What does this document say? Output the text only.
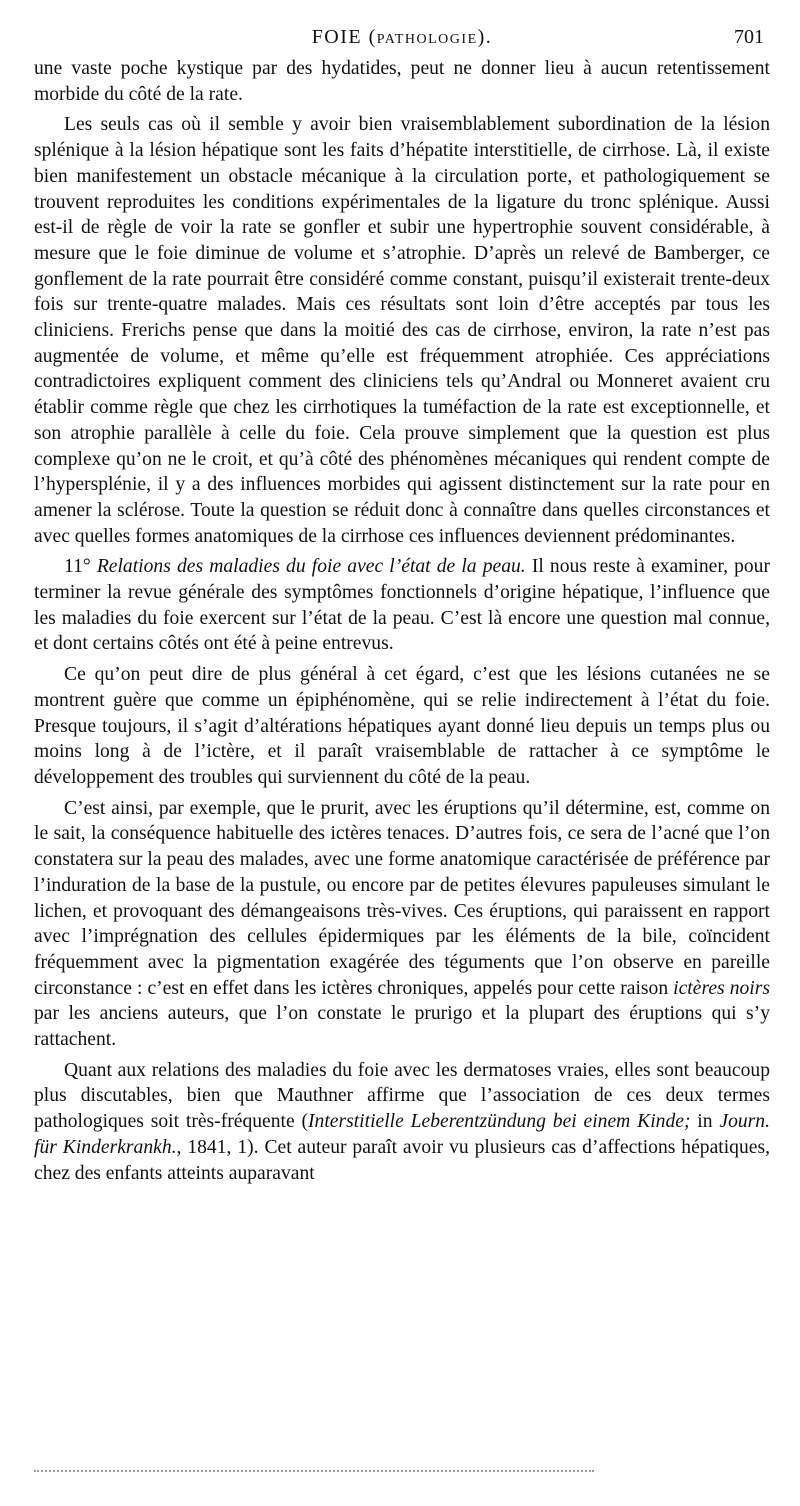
FOIE (pathologie).	701

une vaste poche kystique par des hydatides, peut ne donner lieu à aucun retentissement morbide du côté de la rate.

Les seuls cas où il semble y avoir bien vraisemblablement subordination de la lésion splénique à la lésion hépatique sont les faits d’hépatite interstitielle, de cirrhose. Là, il existe bien manifestement un obstacle mécanique à la circulation porte, et pathologiquement se trouvent reproduites les conditions expérimentales de la ligature du tronc splénique. Aussi est-il de règle de voir la rate se gonfler et subir une hypertrophie souvent considérable, à mesure que le foie diminue de volume et s’atrophie. D’après un relevé de Bamberger, ce gonflement de la rate pourrait être considéré comme constant, puisqu’il existerait trente-deux fois sur trente-quatre malades. Mais ces résultats sont loin d’être acceptés par tous les cliniciens. Frerichs pense que dans la moitié des cas de cirrhose, environ, la rate n’est pas augmentée de volume, et même qu’elle est fréquemment atrophiée. Ces appréciations contradictoires expliquent comment des cliniciens tels qu’Andral ou Monneret avaient cru établir comme règle que chez les cirrhotiques la tuméfaction de la rate est exceptionnelle, et son atrophie parallèle à celle du foie. Cela prouve simplement que la question est plus complexe qu’on ne le croit, et qu’à côté des phénomènes mécaniques qui rendent compte de l’hypersplénie, il y a des influences morbides qui agissent distinctement sur la rate pour en amener la sclérose. Toute la question se réduit donc à connaître dans quelles circonstances et avec quelles formes anatomiques de la cirrhose ces influences deviennent prédominantes.

11° Relations des maladies du foie avec l’état de la peau. Il nous reste à examiner, pour terminer la revue générale des symptômes fonctionnels d’origine hépatique, l’influence que les maladies du foie exercent sur l’état de la peau. C’est là encore une question mal connue, et dont certains côtés ont été à peine entrevus.

Ce qu’on peut dire de plus général à cet égard, c’est que les lésions cutanées ne se montrent guère que comme un épiphénomène, qui se relie indirectement à l’état du foie. Presque toujours, il s’agit d’altérations hépatiques ayant donné lieu depuis un temps plus ou moins long à de l’ictère, et il paraît vraisemblable de rattacher à ce symptôme le développement des troubles qui surviennent du côté de la peau.

C’est ainsi, par exemple, que le prurit, avec les éruptions qu’il détermine, est, comme on le sait, la conséquence habituelle des ictères tenaces. D’autres fois, ce sera de l’acné que l’on constatera sur la peau des malades, avec une forme anatomique caractérisée de préférence par l’induration de la base de la pustule, ou encore par de petites élevures papuleuses simulant le lichen, et provoquant des démangeaisons très-vives. Ces éruptions, qui paraissent en rapport avec l’imprégnation des cellules épidermiques par les éléments de la bile, coïncident fréquemment avec la pigmentation exagérée des téguments que l’on observe en pareille circonstance : c’est en effet dans les ictères chroniques, appelés pour cette raison ictères noirs par les anciens auteurs, que l’on constate le prurigo et la plupart des éruptions qui s’y rattachent.

Quant aux relations des maladies du foie avec les dermatoses vraies, elles sont beaucoup plus discutables, bien que Mauthner affirme que l’association de ces deux termes pathologiques soit très-fréquente (Interstitielle Leberentzündung bei einem Kinde; in Journ. für Kinderkrankh., 1841, 1). Cet auteur paraît avoir vu plusieurs cas d’affections hépatiques, chez des enfants atteints auparavant
